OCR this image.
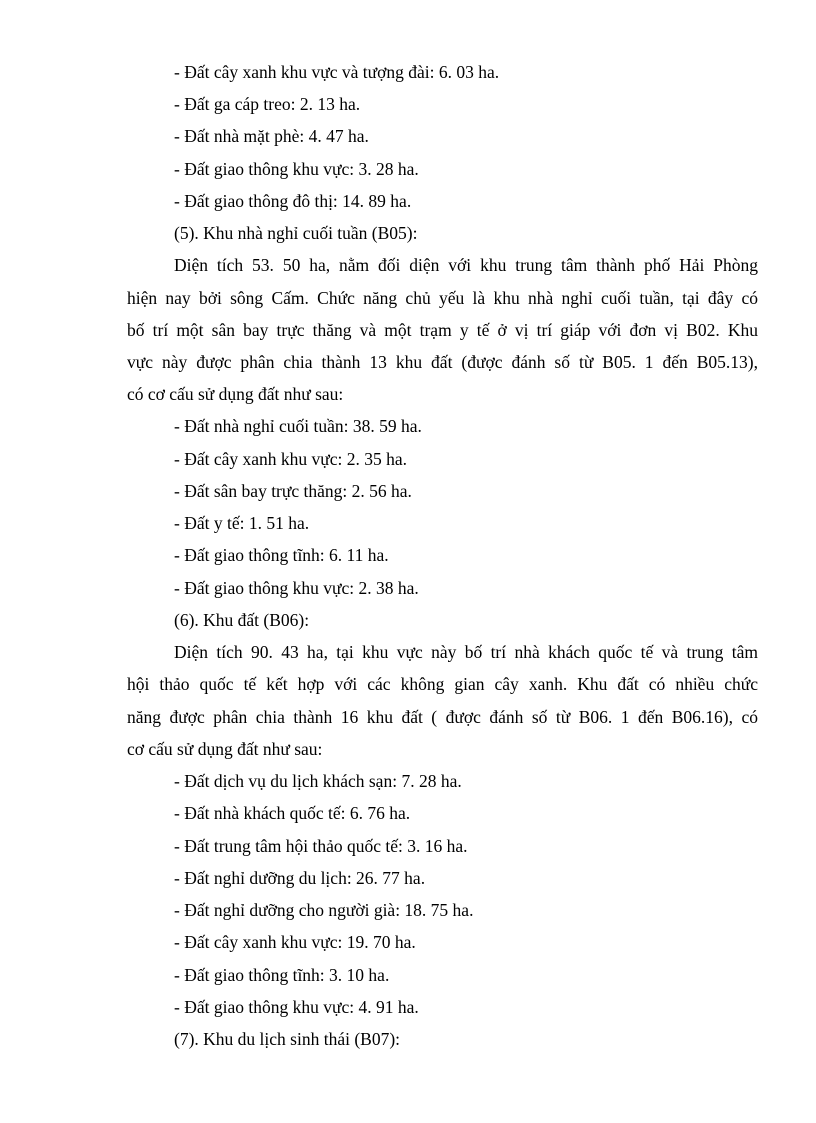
- Đất cây xanh khu vực và tượng đài: 6. 03 ha.
- Đất ga cáp treo: 2. 13 ha.
- Đất nhà mặt phè: 4. 47 ha.
- Đất giao thông khu vực: 3. 28 ha.
- Đất giao thông đô thị: 14. 89 ha.
(5). Khu nhà nghỉ cuối tuần (B05):
Diện tích 53. 50 ha, nằm đối diện với khu trung tâm thành phố Hải Phòng
hiện nay bởi sông Cấm. Chức năng chủ yếu là khu nhà nghỉ cuối tuần, tại đây có
bố trí một sân bay trực thăng và một trạm y tế ở vị trí giáp với đơn vị B02. Khu
vực này được phân chia thành 13 khu đất (được đánh số từ B05. 1 đến B05.13),
có cơ cấu sử dụng đất như sau:
- Đất nhà nghỉ cuối tuần: 38. 59 ha.
- Đất cây xanh khu vực: 2. 35 ha.
- Đất sân bay trực thăng: 2. 56 ha.
- Đất y tế: 1. 51 ha.
- Đất giao thông tĩnh: 6. 11 ha.
- Đất giao thông khu vực: 2. 38 ha.
(6). Khu đất (B06):
Diện tích 90. 43 ha, tại khu vực này bố trí nhà khách quốc tế và trung tâm
hội thảo quốc tế kết hợp với các không gian cây xanh. Khu đất có nhiều chức
năng được phân chia thành 16 khu đất ( được đánh số từ B06. 1 đến B06.16), có
cơ cấu sử dụng đất như sau:
- Đất dịch vụ du lịch khách sạn: 7. 28 ha.
- Đất nhà khách quốc tế: 6. 76 ha.
- Đất trung tâm hội thảo quốc tế: 3. 16 ha.
- Đất nghỉ dưỡng du lịch: 26. 77 ha.
- Đất nghỉ dưỡng cho người già: 18. 75 ha.
- Đất cây xanh khu vực: 19. 70 ha.
- Đất giao thông tĩnh: 3. 10 ha.
- Đất giao thông khu vực: 4. 91 ha.
(7). Khu du lịch sinh thái (B07):
